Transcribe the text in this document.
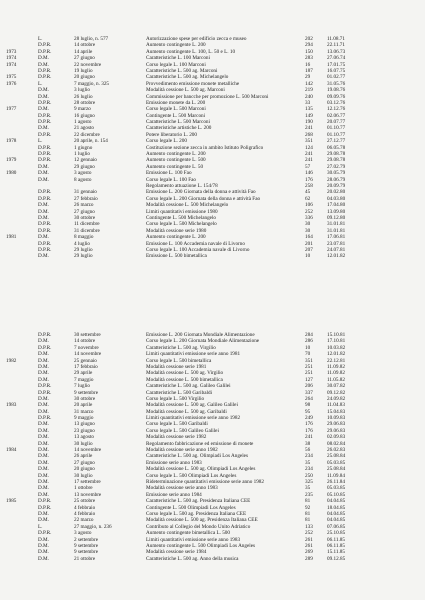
L.	28 luglio, n. 577	Autorizzazione spese per edificio zecca e museo	202	11.08.71
D.P.R.	14 ottobre	Aumento contingente L. 200	294	22.11.71
1973	D.P.R.	14 aprile	Aumento contingente L. 100, L. 50 e L. 10	150	13.06.73
1974	D.M.	27 giugno	Caratteristiche L. 100 Marconi	283	27.06.74
1974	D.M.	22 novembre	Corso legale L. 100 Marconi	16	17.01.75
D.P.R.	19 luglio	Caratteristiche L. 500 ag. Marconi	187	16.07.75
1975	D.P.R.	20 giugno	Caratteristiche L. 500 ag. Michelangelo	29	01.02.77
1976	L.	7 maggio, n. 325	Provvedimento emissione monete metalliche	142	31.05.76
D.M.	3 luglio	Modalità cessione L. 500 ag. Marconi	219	19.08.76
D.M.	26 luglio	Commissione per bancche per promozione L. 500 Marconi	240	09.09.76
D.P.R.	28 ottobre	Emissione monete da L. 200	33	03.12.76
1977	D.M.	9 marzo	Corso legale L. 500 Marconi	135	12.12.76
D.P.R.	16 giugno	Contingente L. 500 Marconi	149	02.06.77
D.P.R.	1 agosto	Caratteristiche L. 500 Marconi	190	20.07.77
D.M.	21 agosto	Caratteristiche artistiche L. 200	241	01.10.77
D.P.R.	22 dicembre	Potere liberatorio L. 200	268	01.10.77
1978	L.	20 aprile, n. 154	Corso legale L. 200	351	27.12.77
D.P.R.	1 giugno	Costituzione sezione zecca in ambito Istituto Poligrafico	124	06.05.78
D.P.R.	1 luglio	Aumento contingente L. 200	241	29.08.78
1979	D.P.R.	12 gennaio	Aumento contingente L. 500	241	29.08.78
D.M.	29 giugno	Aumento contingente L. 50	57	27.02.79
1980	D.M.	3 agosto	Emissione L. 100 Fao	146	30.05.79
D.M.	8 agosto	Corso legale L. 100 Fao	176	28.06.79
Regolamento attuazione L. 154/78	258	20.09.79
D.P.R.	31 gennaio	Emissione L. 200 Giornata della donna e attività Fao	45	20.02.80
D.P.R.	27 febbraio	Corso legale L. 200 Giornata della donna e attività Fao	62	04.03.80
D.M.	26 marzo	Modalità cessione L. 500 Michelangelo	106	17.04.80
D.M.	27 giugno	Limiti quantitativi emissione 1980	252	13.09.80
D.M.	30 ottobre	Contingente L. 500 Michelangelo	336	09.12.80
D.P.R.	11 dicembre	Corso legale L. 500 Michelangelo	30	31.01.81
D.P.R.	31 dicembre	Modalità cessione serie 1980	30	31.01.81
1981	D.M.	8 maggio	Aumento contingente L. 200	164	17.06.81
D.P.R.	4 luglio	Emissione L. 100 Accademia navale di Livorno	201	23.07.81
D.P.R.	29 luglio	Corso legale L. 100 Accademia navale di Livorno	207	24.07.81
D.M.	29 luglio	Emissione L. 500 bimetallica	10	12.01.82
D.P.R.	30 settembre	Emissione L. 200 Giornata Mondiale Alimentazione	284	15.10.81
D.M.	14 ottobre	Corso legale L. 200 Giornata Mondiale Alimentazione	286	17.10.81
D.P.R.	7 novembre	Caratteristiche L. 500 ag. Virgilio	10	10.03.82
D.M.	14 novembre	Limiti quantitativi emissione serie anno 1981	70	12.01.82
1982	D.M.	25 gennaio	Corso legale L. 500 bimetallica	351	22.12.81
D.M.	17 febbraio	Modalità cessione serie 1981	251	11.09.82
D.M.	29 aprile	Modalità cessione L. 500 ag. Virgilio	251	11.09.82
D.M.	7 maggio	Modalità cessione L. 500 bimetallica	127	11.05.82
D.P.R.	7 luglio	Caratteristiche L. 500 ag. Galileo Galilei	206	30.07.82
D.P.R.	9 settembre	Caratteristiche L. 500 Garibaldi	337	09.12.82
D.M.	30 ottobre	Corso legale L. 500 Virgilio	264	24.09.82
1983	D.M.	20 aprile	Modalità cessione L. 500 ag. Galileo Galilei	98	11.04.83
D.M.	31 marzo	Modalità cessione L. 500 ag. Garibaldi	95	15.04.83
D.P.R.	9 maggio	Limiti quantitativi emissione serie anno 1982	249	10.09.83
D.M.	13 giugno	Corso legale L. 500 Garibaldi	176	29.06.83
D.M.	23 giugno	Corso legale L. 500 Galileo Galilei	176	29.06.83
D.M.	13 agosto	Modalità cessione serie 1982	241	02.09.83
D.M.	30 luglio	Regolamento fabbricazione ed emissione di monete	38	08.02.84
1984	D.M.	14 novembre	Modalità cessione serie anno 1982	56	26.02.83
D.M.	26 aprile	Caratteristiche L. 500 ag. Olimpiadi Los Angeles	234	25.08.84
D.M.	27 giugno	Emissione serie anno 1983	35	05.03.85
D.M.	20 giugno	Modalità cessione L. 500 ag. Olimpiadi Los Angeles	234	25.08.84
D.M.	30 luglio	Corso legale L. 500 Olimpiadi Los Angeles	250	11.09.84
D.M.	17 settembre	Rideterminazione quantitativi emissione serie anno 1982	325	26.11.84
D.M.	1 ottobre	Modalità cessione serie anno 1983	35	05.03.85
D.M.	13 novembre	Emissione serie anno 1984	235	05.10.85
1985	D.P.R.	25 ottobre	Caratteristiche L. 500 ag. Presidenza Italiana CEE	81	04.04.85
D.P.R.	4 febbraio	Contingente L. 500 Olimpiadi Los Angeles	92	18.04.85
D.M.	4 febbraio	Corso legale L. 500 ag. Presidenza Italiana CEE	81	04.04.85
D.M.	22 marzo	Modalità cessione L. 500 ag. Presidenza Italiana CEE	81	04.04.85
L.	27 maggio, n. 236	Contributo al Collegio del Mondo Unito Adriatico	133	07.06.85
D.P.R.	3 agosto	Aumento contingente bimetallica L. 500	252	25.10.85
D.M.	2 settembre	Limiti quantitativi emissione serie anno 1983	261	06.11.85
D.M.	9 settembre	Aumento contingente L. 500 Olimpiadi Los Angeles	261	06.11.85
D.M.	9 settembre	Modalità cessione serie 1984	269	15.11.85
D.M.	21 ottobre	Caratteristiche L. 500 ag. Anno della musica	289	09.12.85
